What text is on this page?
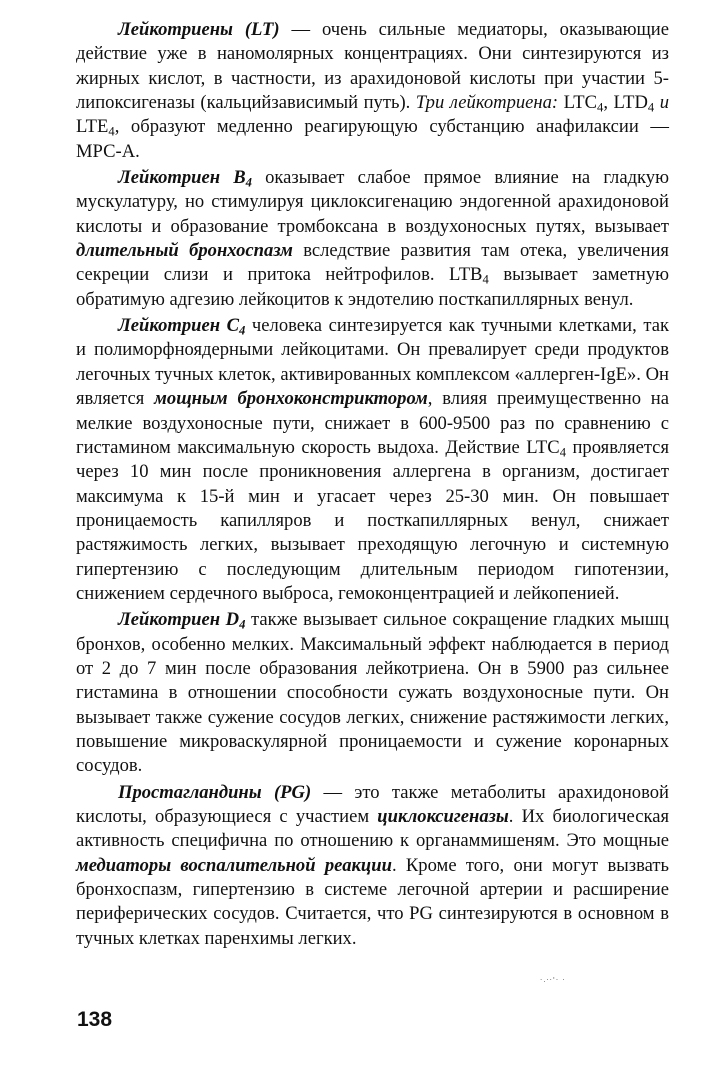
Лейкотриены (LT) — очень сильные медиаторы, оказывающие действие уже в наномолярных концентрациях. Они синтезируются из жирных кислот, в частности, из арахидоновой кислоты при участии 5-липоксигеназы (кальцийзависимый путь). Три лейкотриена: $LTC_4$, $LTD_4$ и $LTE_4$, образуют медленно реагирующую субстанцию анафилаксии — МРС-А.

Лейкотриен $B_4$ оказывает слабое прямое влияние на гладкую мускулатуру, но стимулируя циклоксигенацию эндогенной арахидоновой кислоты и образование тромбоксана в воздухоносных путях, вызывает длительный бронхоспазм вследствие развития там отека, увеличения секреции слизи и притока нейтрофилов. $LTB_4$ вызывает заметную обратимую адгезию лейкоцитов к эндотелию посткапиллярных венул.

Лейкотриен $C_4$ человека синтезируется как тучными клетками, так и полиморфноядерными лейкоцитами. Он превалирует среди продуктов легочных тучных клеток, активированных комплексом «аллерген-IgE». Он является мощным бронхоконстриктором, влияя преимущественно на мелкие воздухоносные пути, снижает в 600-9500 раз по сравнению с гистамином максимальную скорость выдоха. Действие $LTC_4$ проявляется через 10 мин после проникновения аллергена в организм, достигает максимума к 15-й мин и угасает через 25-30 мин. Он повышает проницаемость капилляров и посткапиллярных венул, снижает растяжимость легких, вызывает преходящую легочную и системную гипертензию с последующим длительным периодом гипотензии, снижением сердечного выброса, гемоконцентрацией и лейкопенией.

Лейкотриен $D_4$ также вызывает сильное сокращение гладких мышц бронхов, особенно мелких. Максимальный эффект наблюдается в период от 2 до 7 мин после образования лейкотриена. Он в 5900 раз сильнее гистамина в отношении способности сужать воздухоносные пути. Он вызывает также сужение сосудов легких, снижение растяжимости легких, повышение микроваскулярной проницаемости и сужение коронарных сосудов.

Простагландины (PG) — это также метаболиты арахидоновой кислоты, образующиеся с участием циклоксигеназы. Их биологическая активность специфична по отношению к органаммишеням. Это мощные медиаторы воспалительной реакции. Кроме того, они могут вызвать бронхоспазм, гипертензию в системе легочной артерии и расширение периферических сосудов. Считается, что PG синтезируются в основном в тучных клетках паренхимы легких.

·.··'· ·
138
